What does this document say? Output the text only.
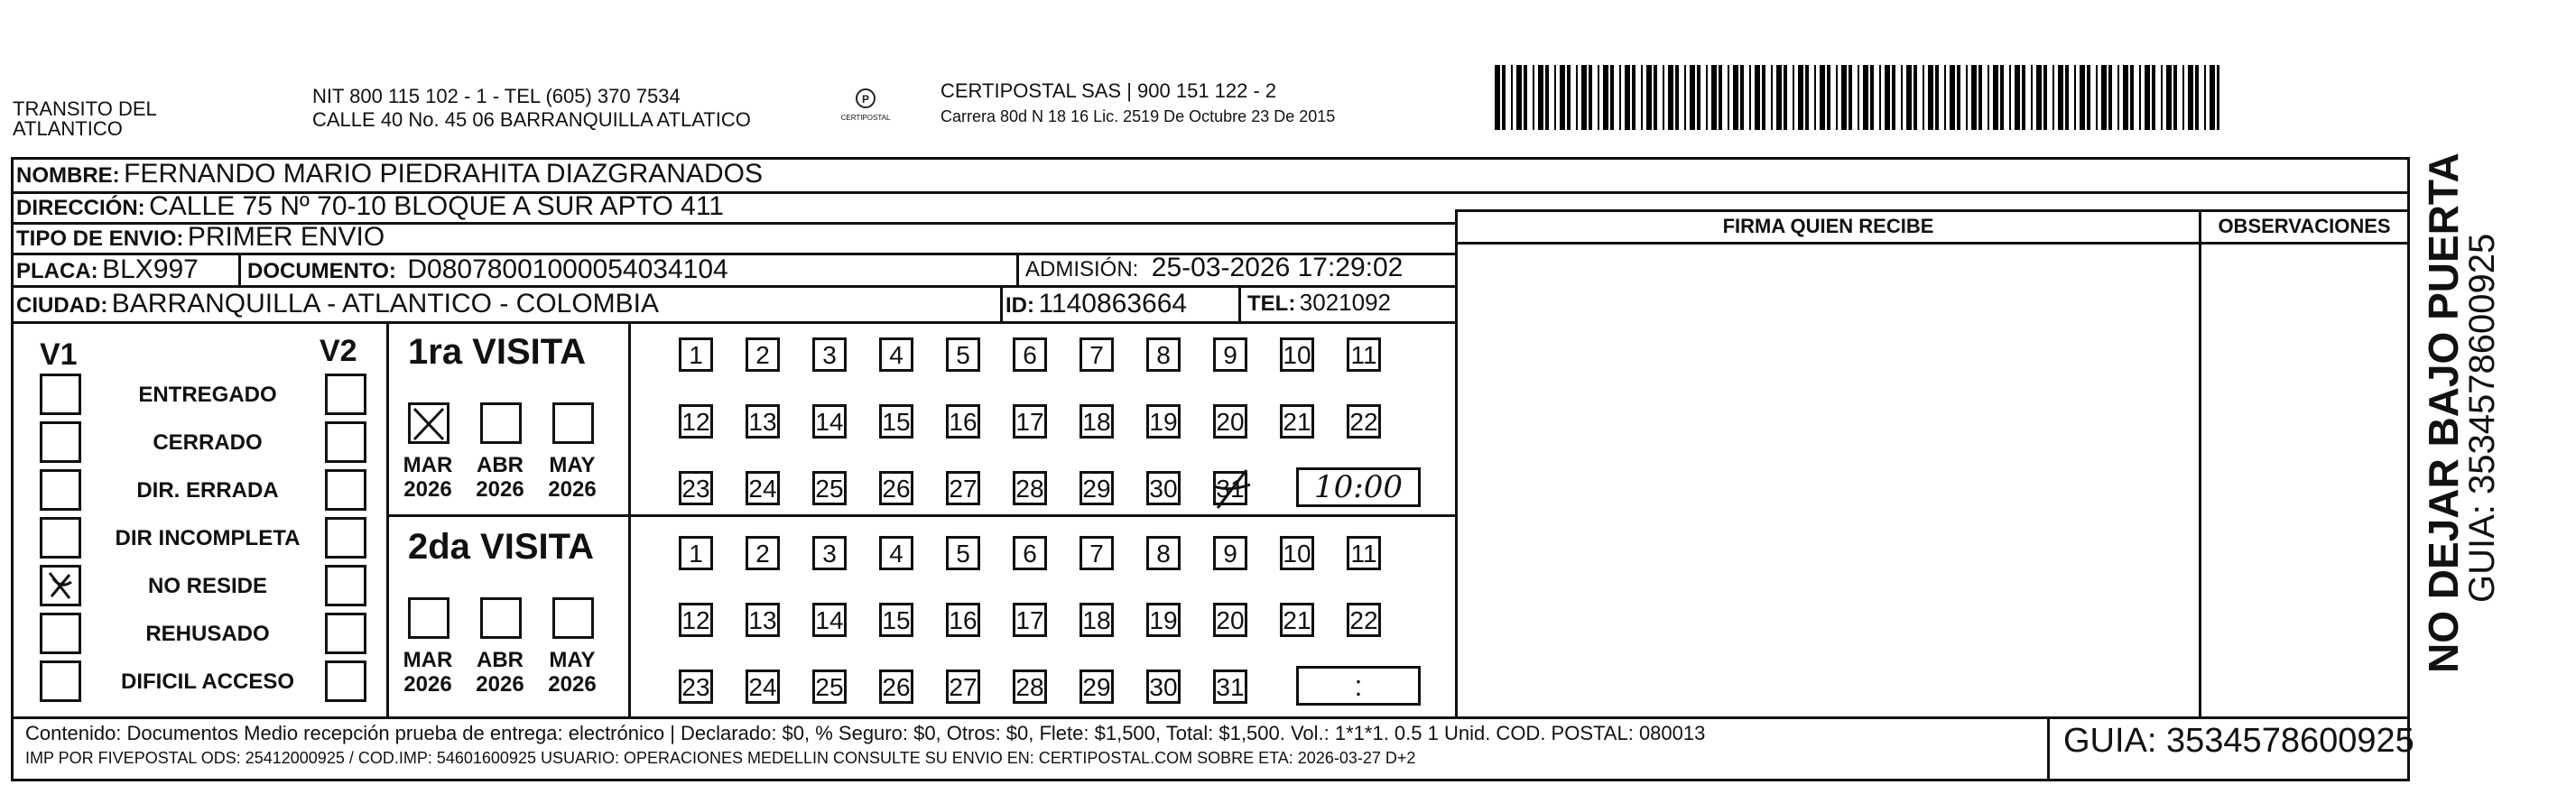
TRANSITO DEL
ATLANTICO
NIT 800 115 102 - 1 - TEL (605) 370 7534
CALLE 40 No. 45 06 BARRANQUILLA ATLATICO
P
CERTIPOSTAL
CERTIPOSTAL SAS | 900 151 122 - 2
Carrera 80d N 18 16 Lic. 2519 De Octubre 23 De 2015
NOMBRE: FERNANDO MARIO PIEDRAHITA DIAZGRANADOS
DIRECCIÓN: CALLE 75 Nº 70-10 BLOQUE A SUR APTO 411
TIPO DE ENVIO: PRIMER ENVIO
PLACA: BLX997 DOCUMENTO: D080780010000540341​04	ADMISIÓN: 25-03-2026 17:29:02
CIUDAD: BARRANQUILLA - ATLANTICO - COLOMBIA	ID: 1140863664	TEL: 3021092
FIRMA QUIEN RECIBE	OBSERVACIONES
V1	V2 1ra VISITA
2da VISITA
Contenido: Documentos Medio recepción prueba de entrega: electrónico | Declarado: $0, % Seguro: $0, Otros: $0, Flete: $1,500, Total: $1,500. Vol.: 1*1*1. 0.5 1 Unid. COD. POSTAL: 080013
IMP POR FIVEPOSTAL ODS: 25412000925 / COD.IMP: 54601600925 USUARIO: OPERACIONES MEDELLIN CONSULTE SU ENVIO EN: CERTIPOSTAL.COM SOBRE ETA: 2026-03-27 D+2	GUIA: 3534578600925
NO DEJAR BAJO PUERTA
GUIA: 3534578600925
ENTREGADO
CERRADO
DIR. ERRADA
DIR INCOMPLETA
NO RESIDE
REHUSADO
DIFICIL ACCESO
MAR
2026
ABR
2026
MAY
2026
MAR
2026
ABR
2026
MAY
2026
1	2	3	4	5	6	7	8	9	10 11
12 13 14 15 16 17 18 19 20 21 22
23 24 25 26 27 28 29 30 31	10:00
1	2	3	4	5	6	7	8	9	10 11
12 13 14 15 16 17 18 19 20 21 22
23 24 25 26 27 28 29 30 31	:
